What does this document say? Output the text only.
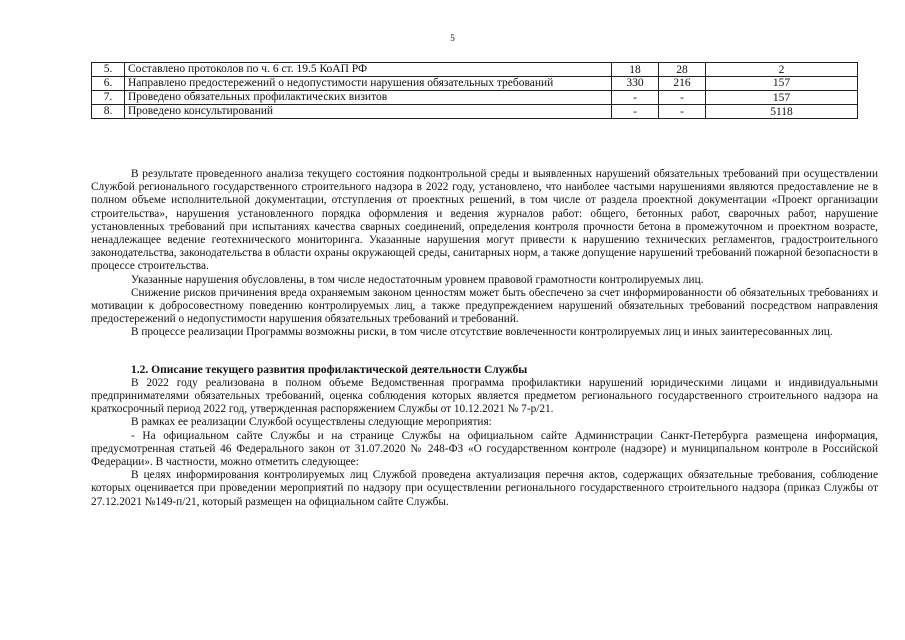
5
5.	Составлено протоколов по ч. 6 ст. 19.5 КоАП РФ	18	28	2
6.	Направлено предостережений о недопустимости нарушения обязательных требований	330	216	157
7.	Проведено обязательных профилактических визитов	-	-	157
8.	Проведено консультирований	-	-	5118

В результате проведенного анализа текущего состояния подконтрольной среды и выявленных нарушений обязательных требований при осуществлении Службой регионального государственного строительного надзора в 2022 году, установлено, что наиболее частыми нарушениями являются предоставление не в полном объеме исполнительной документации, отступления от проектных решений, в том числе от раздела проектной документации «Проект организации строительства», нарушения установленного порядка оформления и ведения журналов работ: общего, бетонных работ, сварочных работ, нарушение установленных требований при испытаниях качества сварных соединений, определения контроля прочности бетона в промежуточном и проектном возрасте, ненадлежащее ведение геотехнического мониторинга. Указанные нарушения могут привести к нарушению технических регламентов, градостроительного законодательства, законодательства в области охраны окружающей среды, санитарных норм, а также допущение нарушений требований пожарной безопасности в процессе строительства.

Указанные нарушения обусловлены, в том числе недостаточным уровнем правовой грамотности контролируемых лиц.

Снижение рисков причинения вреда охраняемым законом ценностям может быть обеспечено за счет информированности об обязательных требованиях и мотивации к добросовестному поведению контролируемых лиц, а также предупреждением нарушений обязательных требований посредством направления предостережений о недопустимости нарушения обязательных требований и требований.

В процессе реализации Программы возможны риски, в том числе отсутствие вовлеченности контролируемых лиц и иных заинтересованных лиц.

1.2. Описание текущего развития профилактической деятельности Службы

В 2022 году реализована в полном объеме Ведомственная программа профилактики нарушений юридическими лицами и индивидуальными предпринимателями обязательных требований, оценка соблюдения которых является предметом регионального государственного строительного надзора на краткосрочный период 2022 год, утвержденная распоряжением Службы от 10.12.2021 № 7-р/21.

В рамках ее реализации Службой осуществлены следующие мероприятия:

- На официальном сайте Службы и на странице Службы на официальном сайте Администрации Санкт-Петербурга размещена информация, предусмотренная статьей 46 Федерального закон от 31.07.2020 № 248-ФЗ «О государственном контроле (надзоре) и муниципальном контроле в Российской Федерации». В частности, можно отметить следующее:

В целях информирования контролируемых лиц Службой проведена актуализация перечня актов, содержащих обязательные требования, соблюдение которых оценивается при проведении мероприятий по надзору при осуществлении регионального государственного строительного надзора (приказ Службы от 27.12.2021 №149-п/21, который размещен на официальном сайте Службы.
